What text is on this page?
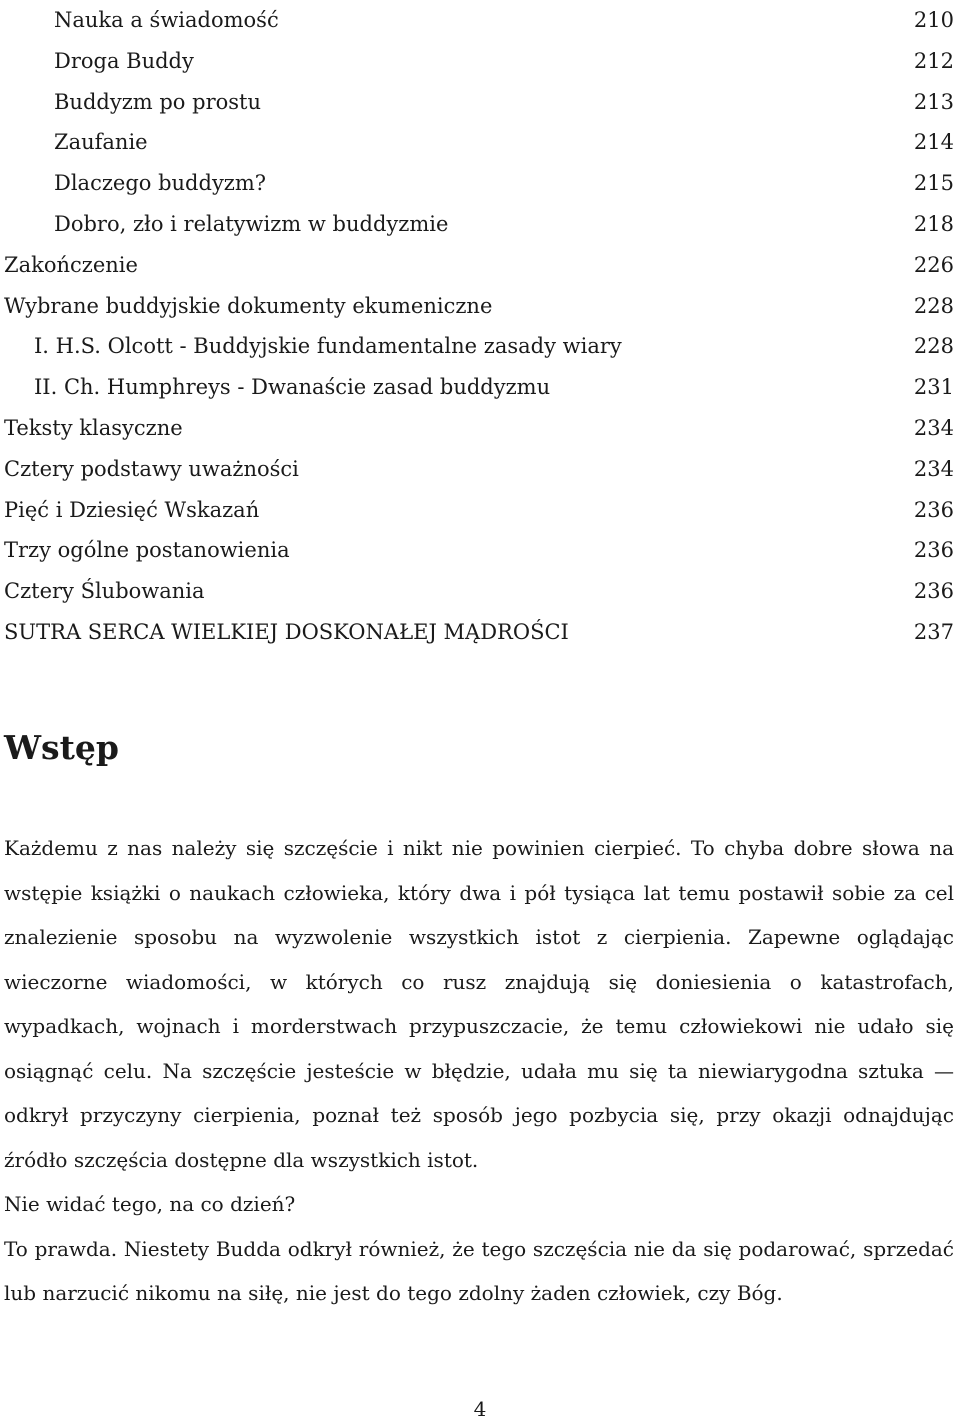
Nauka a świadomość	210
Droga Buddy	212
Buddyzm po prostu	213
Zaufanie	214
Dlaczego buddyzm?	215
Dobro, zło i relatywizm w buddyzmie	218
Zakończenie	226
Wybrane buddyjskie dokumenty ekumeniczne	228
I. H.S. Olcott - Buddyjskie fundamentalne zasady wiary	228
II. Ch. Humphreys - Dwanaście zasad buddyzmu	231
Teksty klasyczne	234
Cztery podstawy uważności	234
Pięć i Dziesięć Wskazań	236
Trzy ogólne postanowienia	236
Cztery Ślubowania	236
SUTRA SERCA WIELKIEJ DOSKONAŁEJ MĄDROŚCI	237
Wstęp

Każdemu z nas należy się szczęście i nikt nie powinien cierpieć. To chyba dobre słowa na wstępie książki o naukach człowieka, który dwa i pół tysiąca lat temu postawił sobie za cel znalezienie sposobu na wyzwolenie wszystkich istot z cierpienia. Zapewne oglądając wieczorne wiadomości, w których co rusz znajdują się doniesienia o katastrofach, wypadkach, wojnach i morderstwach przypuszczacie, że temu człowiekowi nie udało się osiągnąć celu. Na szczęście jesteście w błędzie, udała mu się ta niewiarygodna sztuka — odkrył przyczyny cierpienia, poznał też sposób jego pozbycia się, przy okazji odnajdując źródło szczęścia dostępne dla wszystkich istot.

Nie widać tego, na co dzień?

To prawda. Niestety Budda odkrył również, że tego szczęścia nie da się podarować, sprzedać lub narzucić nikomu na siłę, nie jest do tego zdolny żaden człowiek, czy Bóg.

4
